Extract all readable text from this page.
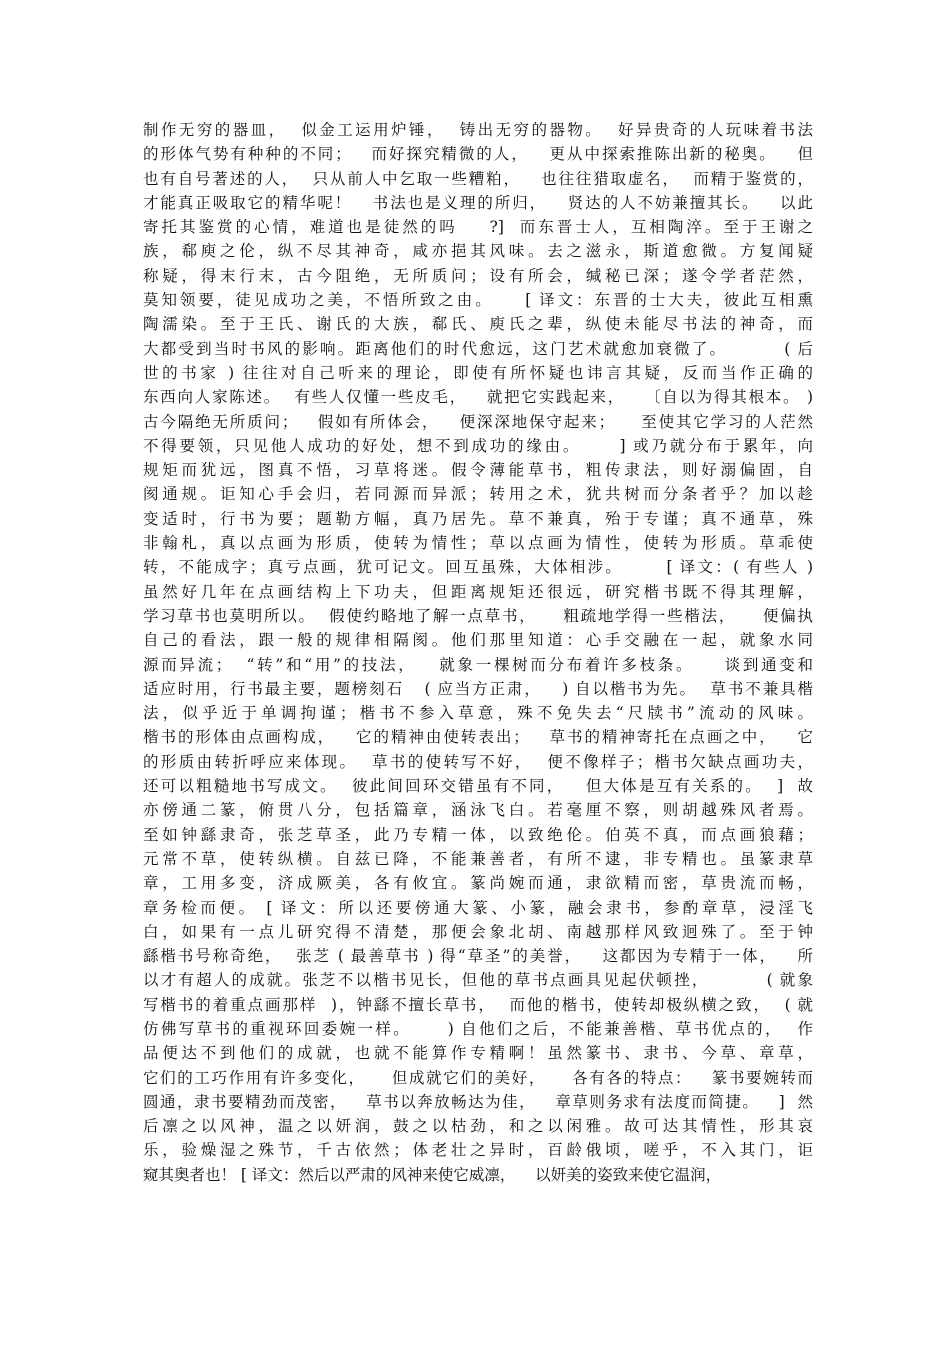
制作无穷的器皿，  似金工运用炉锤，  铸出无穷的器物。  好异贵奇的人玩味着书法
的形体气势有种种的不同；   而好探究精微的人，   更从中探索推陈出新的秘奥。   但
也有自号著述的人，  只从前人中乞取一些糟粕，   也往往猎取虚名，  而精于鉴赏的，
才能真正吸取它的精华呢！   书法也是义理的所归，   贤达的人不妨兼擅其长。   以此
寄托其鉴赏的心情，难道也是徒然的吗    ?]  而东晋士人，互相陶淬。至于王谢之
族，郗庾之伦，纵不尽其神奇，咸亦挹其风味。去之滋永，斯道愈微。方复闻疑
称疑，得末行末，古今阻绝，无所质问；设有所会，缄秘已深；遂令学者茫然，
莫知领要，徒见成功之美，不悟所致之由。    [ 译文：东晋的士大夫，彼此互相熏
陶濡染。至于王氏、谢氏的大族，郗氏、庾氏之辈，纵使未能尽书法的神奇，而
大都受到当时书风的影响。距离他们的时代愈远，这门艺术就愈加衰微了。        ( 后
世的书家 ) 往往对自己听来的理论，即使有所怀疑也讳言其疑，反而当作正确的
东西向人家陈述。  有些人仅懂一些皮毛，   就把它实践起来，   〔自以为得其根本。 )
古今隔绝无所质问；   假如有所体会，   便深深地保守起来；    至使其它学习的人茫然
不得要领，只见他人成功的好处，想不到成功的缘由。     ] 或乃就分布于累年，向
规矩而犹远，图真不悟，习草将迷。假令薄能草书，粗传隶法，则好溺偏固，自
阂通规。讵知心手会归，若同源而异派；转用之术，犹共树而分条者乎？加以趁
变适时，行书为要；题勒方幅，真乃居先。草不兼真，殆于专谨；真不通草，殊
非翰札，真以点画为形质，使转为情性；草以点画为情性，使转为形质。草乖使
转，不能成字；真亏点画，犹可记文。回互虽殊，大体相涉。      [ 译文：( 有些人 )
虽然好几年在点画结构上下功夫，但距离规矩还很远，研究楷书既不得其理解，
学习草书也莫明所以。  假使约略地了解一点草书，    粗疏地学得一些楷法，    便偏执
自己的看法，跟一般的规律相隔阂。他们那里知道：心手交融在一起，就象水同
源而异流；  “转”和“用”的技法，   就象一棵树而分布着许多枝条。    谈到通变和
适应时用，行书最主要，题榜刻石   ( 应当方正肃，   ) 自以楷书为先。  草书不兼具楷
法，似乎近于单调拘谨；楷书不参入草意，殊不免失去“尺牍书”流动的风味。
楷书的形体由点画构成，   它的精神由使转表出；   草书的精神寄托在点画之中，   它
的形质由转折呼应来体现。  草书的使转写不好，  便不像样子；楷书欠缺点画功夫，
还可以粗糙地书写成文。  彼此间回环交错虽有不同，   但大体是互有关系的。  ]  故
亦傍通二篆，俯贯八分，包括篇章，涵泳飞白。若毫厘不察，则胡越殊风者焉。
至如钟繇隶奇，张芝草圣，此乃专精一体，以致绝伦。伯英不真，而点画狼藉；
元常不草，使转纵横。自兹已降，不能兼善者，有所不逮，非专精也。虽篆隶草
章，工用多变，济成厥美，各有攸宜。篆尚婉而通，隶欲精而密，草贵流而畅，
章务检而便。 [ 译文：所以还要傍通大篆、小篆，融会隶书，参酌章草，浸淫飞
白，如果有一点儿研究得不清楚，那便会象北胡、南越那样风致迥殊了。至于钟
繇楷书号称奇绝，  张芝 ( 最善草书 ) 得“草圣”的美誉，   这都因为专精于一体，   所
以才有超人的成就。张芝不以楷书见长，但他的草书点画具见起伏顿挫，        ( 就象
写楷书的着重点画那样  )，钟繇不擅长草书，  而他的楷书，使转却极纵横之致，  ( 就
仿佛写草书的重视环回委婉一样。     ) 自他们之后，不能兼善楷、草书优点的，  作
品便达不到他们的成就，也就不能算作专精啊！虽然篆书、隶书、今草、章草，
它们的工巧作用有许多变化，    但成就它们的美好，    各有各的特点：   篆书要婉转而
圆通，隶书要精劲而茂密，   草书以奔放畅达为佳，   章草则务求有法度而简捷。   ]  然
后凛之以风神，温之以妍润，鼓之以枯劲，和之以闲雅。故可达其情性，形其哀
乐，验燥湿之殊节，千古依然；体老壮之异时，百龄俄顷，嗟乎，不入其门，讵
窥其奥者也！ [ 译文：然后以严肃的风神来使它威凛，    以妍美的姿致来使它温润，
